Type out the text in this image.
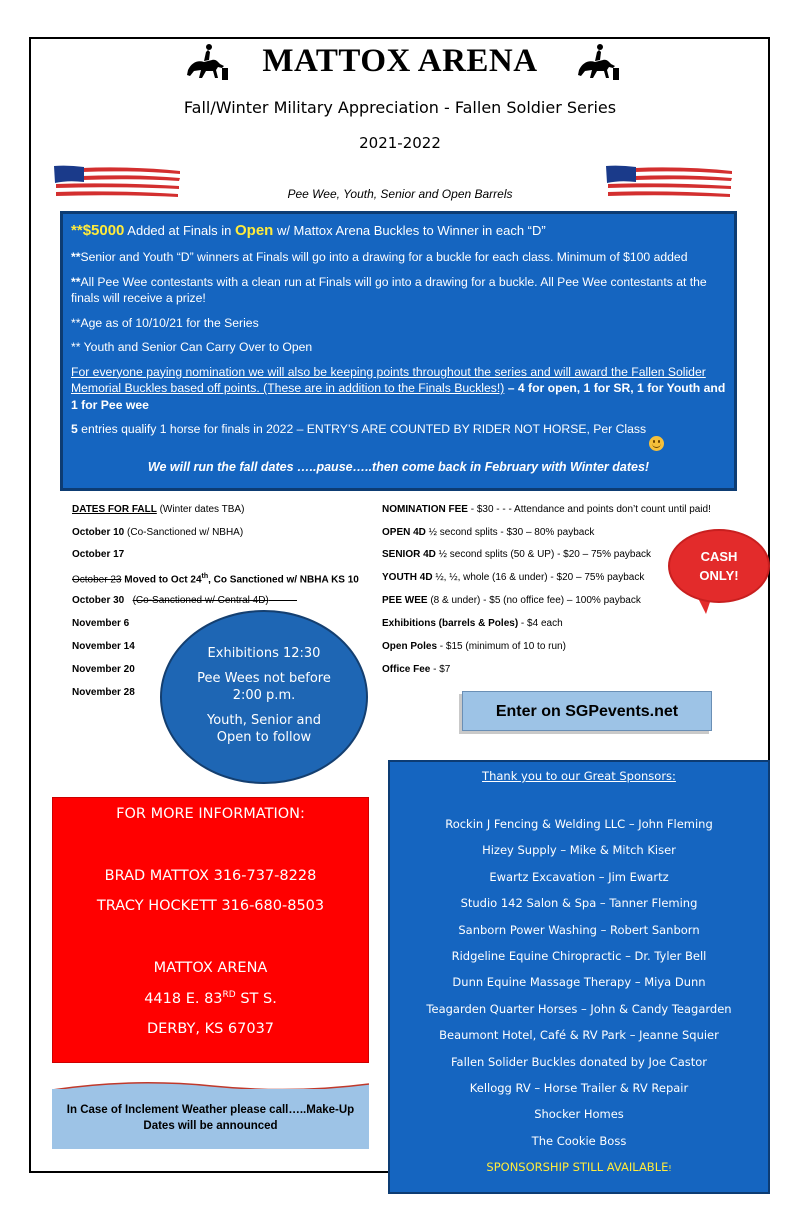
MATTOX ARENA
Fall/Winter Military Appreciation - Fallen Soldier Series
2021-2022
Pee Wee, Youth, Senior and Open Barrels

**$5000 Added at Finals in Open w/ Mattox Arena Buckles to Winner in each “D”

**Senior and Youth “D” winners at Finals will go into a drawing for a buckle for each class. Minimum of $100 added

**All Pee Wee contestants with a clean run at Finals will go into a drawing for a buckle. All Pee Wee contestants at the finals will receive a prize!

**Age as of 10/10/21 for the Series

** Youth and Senior Can Carry Over to Open

For everyone paying nomination we will also be keeping points throughout the series and will award the Fallen Solider Memorial Buckles based off points. (These are in addition to the Finals Buckles!) – 4 for open, 1 for SR, 1 for Youth and 1 for Pee wee

5 entries qualify 1 horse for finals in 2022 – ENTRY’S ARE COUNTED BY RIDER NOT HORSE, Per Class

We will run the fall dates …..pause…..then come back in February with Winter dates!

DATES FOR FALL (Winter dates TBA)
October 10 (Co-Sanctioned w/ NBHA)
October 17
October 23 Moved to Oct 24th, Co Sanctioned w/ NBHA KS 10
October 30 (Co-Sanctioned w/ Central 4D)
November 6
November 14
November 20
November 28
NOMINATION FEE - $30 - - - Attendance and points don’t count until paid!
OPEN 4D ½ second splits - $30 – 80% payback
SENIOR 4D ½ second splits (50 & UP) - $20 – 75% payback
YOUTH 4D ½, ½, whole (16 & under) - $20 – 75% payback
PEE WEE (8 & under) - $5 (no office fee) – 100% payback
Exhibitions (barrels & Poles) - $4 each
Open Poles - $15 (minimum of 10 to run)
Office Fee - $7
CASH
ONLY!
Exhibitions 12:30
Pee Wees not before
2:00 p.m.
Youth, Senior and
Open to follow
Enter on SGPevents.net
FOR MORE INFORMATION:
BRAD MATTOX 316-737-8228
TRACY HOCKETT 316-680-8503
MATTOX ARENA
4418 E. 83RD ST S.
DERBY, KS 67037
Thank you to our Great Sponsors:
Rockin J Fencing & Welding LLC – John Fleming
Hizey Supply – Mike & Mitch Kiser
Ewartz Excavation – Jim Ewartz
Studio 142 Salon & Spa – Tanner Fleming
Sanborn Power Washing – Robert Sanborn
Ridgeline Equine Chiropractic – Dr. Tyler Bell
Dunn Equine Massage Therapy – Miya Dunn
Teagarden Quarter Horses – John & Candy Teagarden
Beaumont Hotel, Café & RV Park – Jeanne Squier
Fallen Solider Buckles donated by Joe Castor
Kellogg RV – Horse Trailer & RV Repair
Shocker Homes
The Cookie Boss
SPONSORSHIP STILL AVAILABLE!
In Case of Inclement Weather please call…..Make-Up Dates will be announced
